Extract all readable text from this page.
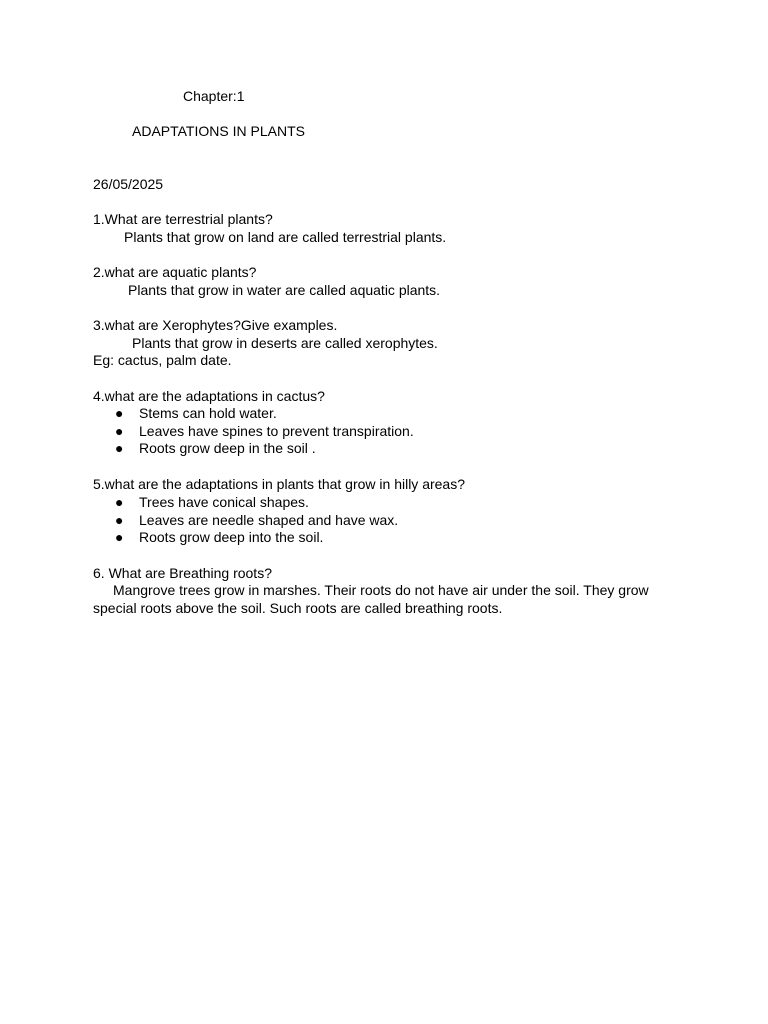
Chapter:1
ADAPTATIONS IN PLANTS
26/05/2025
1.What are terrestrial plants?
Plants that grow on land are called terrestrial plants.
2.what are aquatic plants?
Plants that grow in water are called aquatic plants.
3.what are Xerophytes?Give examples.
Plants that grow in deserts are called xerophytes.
Eg: cactus, palm date.
4.what are the adaptations in cactus?
● Stems can hold water.
● Leaves have spines to prevent transpiration.
● Roots grow deep in the soil .
5.what are the adaptations in plants that grow in hilly areas?
● Trees have conical shapes.
● Leaves are needle shaped and have wax.
● Roots grow deep into the soil.
6. What are Breathing roots?
Mangrove trees grow in marshes. Their roots do not have air under the soil. They grow special roots above the soil. Such roots are called breathing roots.
